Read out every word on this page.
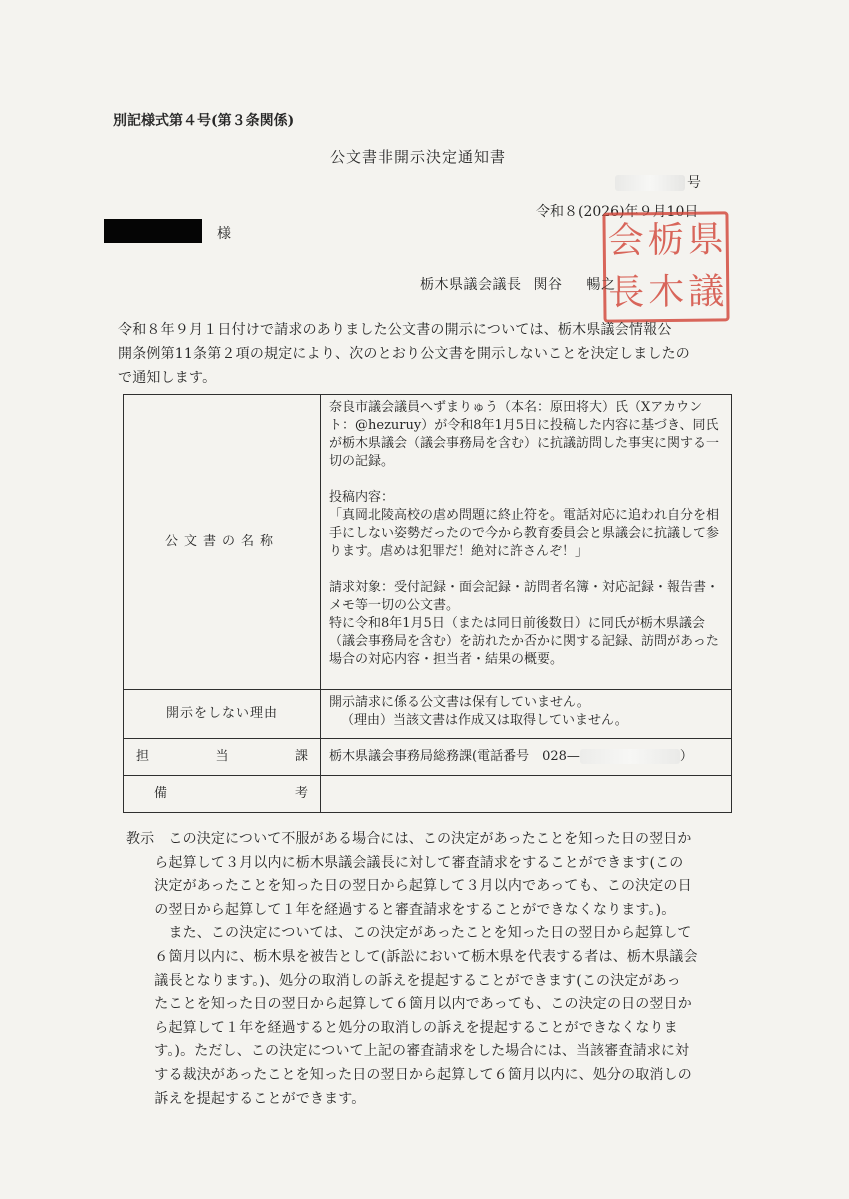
別記様式第４号(第３条関係)
公文書非開示決定通知書
号
令和８(2026)年９月10日
様	会 栃 県
長 木 議
栃木県議会議長 関谷 暢之
令和８年９月１日付けで請求のありました公文書の開示については、栃木県議会情報公
開条例第11条第２項の規定により、次のとおり公文書を開示しないことを決定しましたの
で通知します。
公文書の名称	奈良市議会議員へずまりゅう（本名：原田将大）氏（Xアカウント：@hezuruy）が令和8年1月5日に投稿した内容に基づき、同氏が栃木県議会（議会事務局を含む）に抗議訪問した事実に関する一切の記録。

投稿内容：

「真岡北陵高校の虐め問題に終止符を。電話対応に追われ自分を相手にしない姿勢だったので今から教育委員会と県議会に抗議して参ります。虐めは犯罪だ！絶対に許さんぞ！」

請求対象：受付記録・面会記録・訪問者名簿・対応記録・報告書・メモ等一切の公文書。

特に令和8年1月5日（または同日前後数日）に同氏が栃木県議会（議会事務局を含む）を訪れたか否かに関する記録、訪問があった場合の対応内容・担当者・結果の概要。

開示をしない理由	開示請求に係る公文書は保有していません。

（理由）当該文書は作成又は取得していません。

担当課	栃木県議会事務局総務課(電話番号　028— ）
備考	
教示　この決定について不服がある場合には、この決定があったことを知った日の翌日か
　　ら起算して３月以内に栃木県議会議長に対して審査請求をすることができます(この
　　決定があったことを知った日の翌日から起算して３月以内であっても、この決定の日
　　の翌日から起算して１年を経過すると審査請求をすることができなくなります。)。
　　　また、この決定については、この決定があったことを知った日の翌日から起算して
　　６箇月以内に、栃木県を被告として(訴訟において栃木県を代表する者は、栃木県議会
　　議長となります。)、処分の取消しの訴えを提起することができます(この決定があっ
　　たことを知った日の翌日から起算して６箇月以内であっても、この決定の日の翌日か
　　ら起算して１年を経過すると処分の取消しの訴えを提起することができなくなりま
　　す。)。ただし、この決定について上記の審査請求をした場合には、当該審査請求に対
　　する裁決があったことを知った日の翌日から起算して６箇月以内に、処分の取消しの
　　訴えを提起することができます。
